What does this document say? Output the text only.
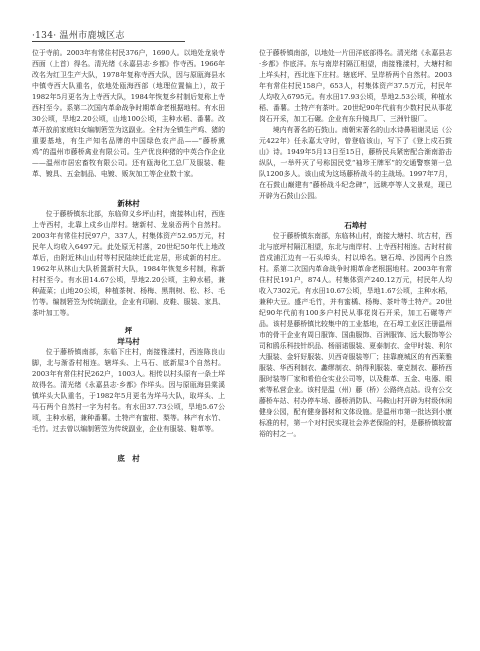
·134· 温州市鹿城区志

位于寺前。2003年有常住村民376户，1690人。以地处龙泉寺西面（上首）得名。清光绪《永嘉县志·乡都》作寺西。1966年改名为红卫生产大队，1978年复称寺西大队，因与原瓯海县水中镇寺西大队重名，依地处瓯海西部（地理位置偏上），故于1982年5月更名为上寺西大队，1984年恢复乡村制后复称上寺西村至今。系第二次国内革命战争时期革命老根据地村。有水田30公顷，旱地2.20公顷，山地100公顷，主种水稻、番薯。改革开放前家庭妇女编制箬笠为这副业。全村为全镇生产鸡、猪的重要基地，有生产知名品牌的中国绿色农产品——“藤桥熏鸡”的温州市藤桥禽业有限公司。生产优良种猪的中英合作企业——温州市居宏畜牧有限公司。还有瓯海化工总厂及服装、鞋革、镀具、五金制品、电镀、贩灰加工等企业数十家。

新林村

位于藤桥镇东北部，东临仰义乡坪山村，南接林山村，西连上寺西村，北靠上戍乡山岸村。辖新村、龙泉岙两个自然村。2003年有常住村民97户，337人，村集体资产52.95万元，村民年人均收入6497元。此处原无村落，20世纪50年代上地改革后，由附近林山山村等村民陆续迁此定居，形成新的村庄。1962年从林山大队析置新村大队，1984年恢复乡村制，称新村村至今。有水田14.67公顷，旱地2.20公顷，主种水稻，兼种蔬菜；山地20公顷，种植茶树、杨梅、黑荆树、松、杉、毛竹等。编制箬笠为传统副业，企业有印刷、皮鞋、服装、家具、茶叶加工等。

坪
垟马村

位于藤桥镇南部，东临下庄村，南接雅漾村，西连陈良山脚，北与渐香村相连。辖垟头、上马石、底新屋3个自然村。2003年有常住村民262户，1003人。相传以村头原有一条土垟故得名。清光绪《永嘉县志·乡都》作垟头。因与原瓯海县棠溪镇垟头大队重名，于1982年5月更名为垟马大队，取垟头、上马石两个自然村一字为村名。有水田37.73公顷，旱地5.67公顷，主种水稻，兼种番薯。土特产有蜜柑、梨等。林产有水竹、毛竹。过去曾以编制箬笠为传统副业，企业有服装、鞋革等。

底　村

位于藤桥镇南部，以地处一片田洋底部得名。清光绪《永嘉县志·乡都》作底洋。东与南岸村隔江相望，南接雅漾村，大塘村和上垟头村，西北连下庄村。辖底坪、呈岸桥两个自然村。2003年有常住村民158户，653人，村集体资产37.5万元，村民年人均收入6795元。有水田17.93公顷，旱地2.53公顷，种植水稻、番薯。土特产有茶叶。20世纪90年代前有少数村民从事花岗石开采，加工石碾。企业有东升镜具厂、三洲针服厂。

境内有著名的石鼓山。南朝宋著名的山水诗鼻祖谢灵运（公元422年）任永嘉太守时，曾登临该山，写下了《登上戍石鼓山》诗。1949年5月13日至15日，藤桥民兵紧密配合渐南游击纵队，一举歼灭了号称国民党“袖珍王牌军”的交通警察第一总队1200多人。该山成为这场藤桥战斗的主战场。1997年7月，在石鼓山巅建有“藤桥战斗纪念碑”，远眺亭等人文景观，现已开辟为石鼓山公园。

石埠村

位于藤桥镇东南部，东临林山村，南接大塘村、坑古村，西北与底坪村隔江相望，东北与南岸村、上寺西村相连。古时村前首戍浦江边有一石头埠头，村以埠名。辖石埠、沙园两个自然村。系第二次国内革命战争时期革命老根据地村。2003年有常住村民191户，874人。村集体资产240.12万元，村民年人均收入7302元。有水田10.67公顷，旱地1.67公顷，主种水稻，兼种大豆。盛产毛竹，并有蜜橘、杨梅、茶叶等土特产。20世纪90年代前有100多户村民从事花岗石开采，加工石碾等产品。该村是藤桥镇比较集中的工业基地，在石埠工业区注册温州市的骨干企业有周日服饰、国曲服饰、百洲服饰、远大服饰等公司和鸥乐科技针织品、杨丽诺服装、夏泰制衣、金甲时装、利尔大服装、金轩好服装、贝西奇服装等厂；挂靠鹿城区的有西莱雅服装、华西利制衣、蠡缪制衣、纳得利服装、豪克制衣、藤桥西服时装等厂家和希伯仓实业公司等，以及鞋革、五金、电器、眼索等私营企业。该村是温（州）藤（桥）公路终点站。设有公交藤桥车站、村办停车场、藤桥消防队、马鞍山村开辟为村级休闲健身公园，配有健身器材和文体设施。是温州市第一批达到小康标准的村，第一个对村民实现社会养老保险的村，是藤桥镇较富裕的村之一。
